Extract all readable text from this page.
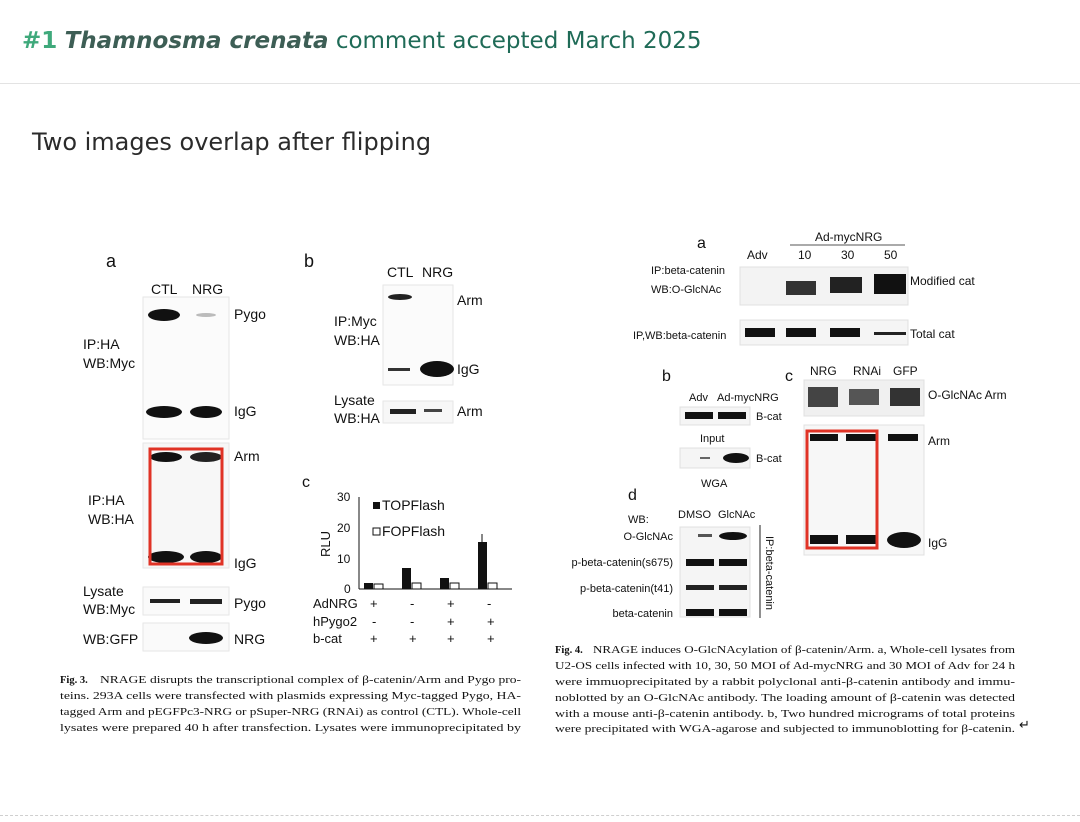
#1 Thamnosma crenata comment accepted March 2025
Two images overlap after flipping
a
CTL NRG
Pygo
IP:HA
WB:Myc
IgG
Arm
IP:HA
WB:HA
IgG
Lysate
WB:Myc	Pygo
WB:GFP	NRG
b
CTL NRG
Arm
IP:Myc
WB:HA
IgG
Lysate
WB:HA	Arm
c
30
20
10
0
RLU
TOPFlash
FOPFlash
AdNRG + -	+ -
hPygo2 -	-	+ +
b-cat + + + +
Fig. 3. NRAGE disrupts the transcriptional complex of β-catenin/Arm and Pygo pro-
teins. 293A cells were transfected with plasmids expressing Myc-tagged Pygo, HA-
tagged Arm and pEGFPc3-NRG or pSuper-NRG (RNAi) as control (CTL). Whole-cell
lysates were prepared 40 h after transfection. Lysates were immunoprecipitated by
a	Ad-mycNRG
Adv	10 30 50
IP:beta-catenin
WB:O-GlcNAc
Modified cat
IP,WB:beta-catenin	Total cat
b
Adv Ad-mycNRG
B-cat
Input
B-cat
WGA
c NRG RNAi GFP
O-GlcNAc Arm
Arm
IgG
d
WB:	DMSO GlcNAc
O-GlcNAc
p-beta-catenin(s675)
p-beta-catenin(t41)
beta-catenin
IP:beta-catenin
Fig. 4. NRAGE induces O-GlcNAcylation of β-catenin/Arm. a, Whole-cell lysates from
U2-OS cells infected with 10, 30, 50 MOI of Ad-mycNRG and 30 MOI of Adv for 24 h
were immuoprecipitated by a rabbit polyclonal anti-β-catenin antibody and immu-
noblotted by an O-GlcNAc antibody. The loading amount of β-catenin was detected
with a mouse anti-β-catenin antibody. b, Two hundred micrograms of total proteins
were precipitated with WGA-agarose and subjected to immunoblotting for β-catenin. ↵
